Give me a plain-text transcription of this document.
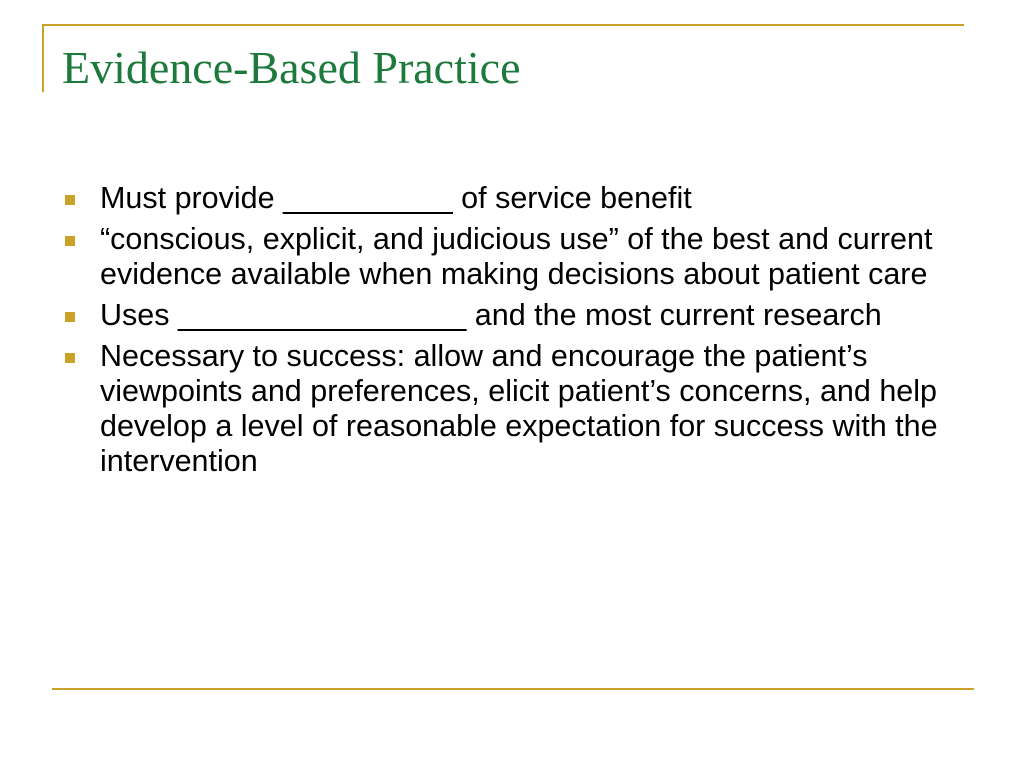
Evidence-Based Practice
Must provide __________ of service benefit
“conscious, explicit, and judicious use” of the best and current evidence available when making decisions about patient care
Uses _________________ and the most current research
Necessary to success: allow and encourage the patient’s viewpoints and preferences, elicit patient’s concerns, and help develop a level of reasonable expectation for success with the intervention
